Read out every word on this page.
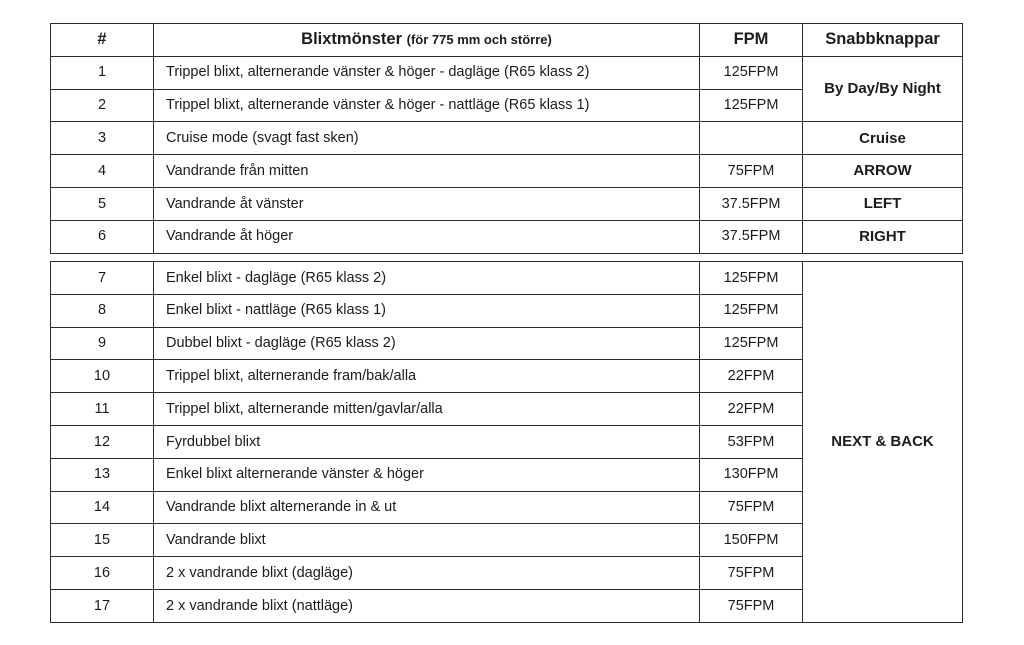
#	Blixtmönster (för 775 mm och större)	FPM	Snabbknappar
1	Trippel blixt, alternerande vänster & höger - dagläge (R65 klass 2)	125FPM	By Day/By Night
2	Trippel blixt, alternerande vänster & höger - nattläge (R65 klass 1)	125FPM	
3	Cruise mode (svagt fast sken)		Cruise
4	Vandrande från mitten	75FPM	ARROW
5	Vandrande åt vänster	37.5FPM	LEFT
6	Vandrande åt höger	37.5FPM	RIGHT
7	Enkel blixt - dagläge (R65 klass 2)	125FPM	NEXT & BACK
8	Enkel blixt - nattläge (R65 klass 1)	125FPM	
9	Dubbel blixt - dagläge (R65 klass 2)	125FPM	
10	Trippel blixt, alternerande fram/bak/alla	22FPM	
11	Trippel blixt, alternerande mitten/gavlar/alla	22FPM	
12	Fyrdubbel blixt	53FPM	
13	Enkel blixt alternerande vänster & höger	130FPM	
14	Vandrande blixt alternerande in & ut	75FPM	
15	Vandrande blixt	150FPM	
16	2 x vandrande blixt (dagläge)	75FPM	
17	2 x vandrande blixt (nattläge)	75FPM	
